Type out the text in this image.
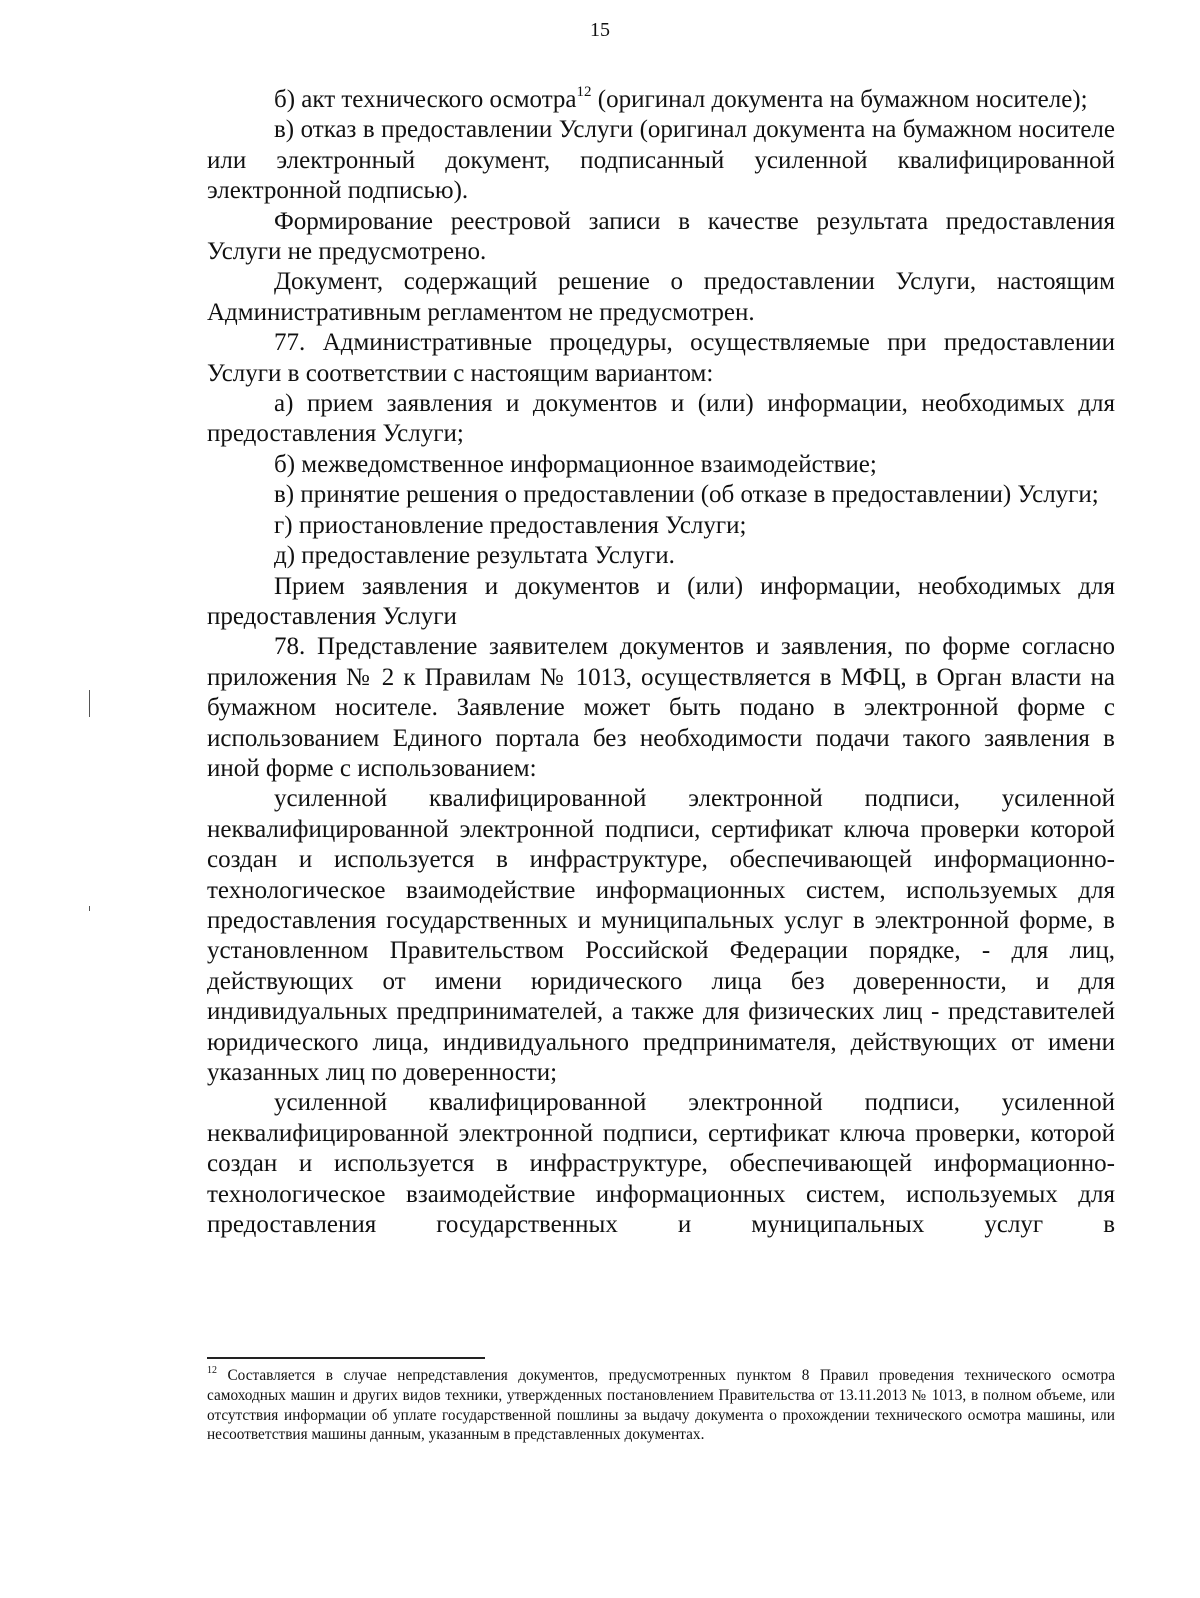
15

б) акт технического осмотра$^{12}$ (оригинал документа на бумажном носителе);

в) отказ в предоставлении Услуги (оригинал документа на бумажном носителе или электронный документ, подписанный усиленной квалифицированной электронной подписью).

Формирование реестровой записи в качестве результата предоставления Услуги не предусмотрено.

Документ, содержащий решение о предоставлении Услуги, настоящим Административным регламентом не предусмотрен.

77. Административные процедуры, осуществляемые при предоставлении Услуги в соответствии с настоящим вариантом:

а) прием заявления и документов и (или) информации, необходимых для предоставления Услуги;

б) межведомственное информационное взаимодействие;

в) принятие решения о предоставлении (об отказе в предоставлении) Услуги;

г) приостановление предоставления Услуги;

д) предоставление результата Услуги.

Прием заявления и документов и (или) информации, необходимых для предоставления Услуги

78. Представление заявителем документов и заявления, по форме согласно приложения № 2 к Правилам № 1013, осуществляется в МФЦ, в Орган власти на бумажном носителе. Заявление может быть подано в электронной форме с использованием Единого портала без необходимости подачи такого заявления в иной форме с использованием:

усиленной квалифицированной электронной подписи, усиленной неквалифицированной электронной подписи, сертификат ключа проверки которой создан и используется в инфраструктуре, обеспечивающей информационно-технологическое взаимодействие информационных систем, используемых для предоставления государственных и муниципальных услуг в электронной форме, в установленном Правительством Российской Федерации порядке, - для лиц, действующих от имени юридического лица без доверенности, и для индивидуальных предпринимателей, а также для физических лиц - представителей юридического лица, индивидуального предпринимателя, действующих от имени указанных лиц по доверенности;

усиленной квалифицированной электронной подписи, усиленной неквалифицированной электронной подписи, сертификат ключа проверки, которой создан и используется в инфраструктуре, обеспечивающей информационно-технологическое взаимодействие информационных систем, используемых для предоставления государственных и муниципальных услуг в

$^{12}$ Составляется в случае непредставления документов, предусмотренных пунктом 8 Правил проведения технического осмотра самоходных машин и других видов техники, утвержденных постановлением Правительства от 13.11.2013 № 1013, в полном объеме, или отсутствия информации об уплате государственной пошлины за выдачу документа о прохождении технического осмотра машины, или несоответствия машины данным, указанным в представленных документах.
